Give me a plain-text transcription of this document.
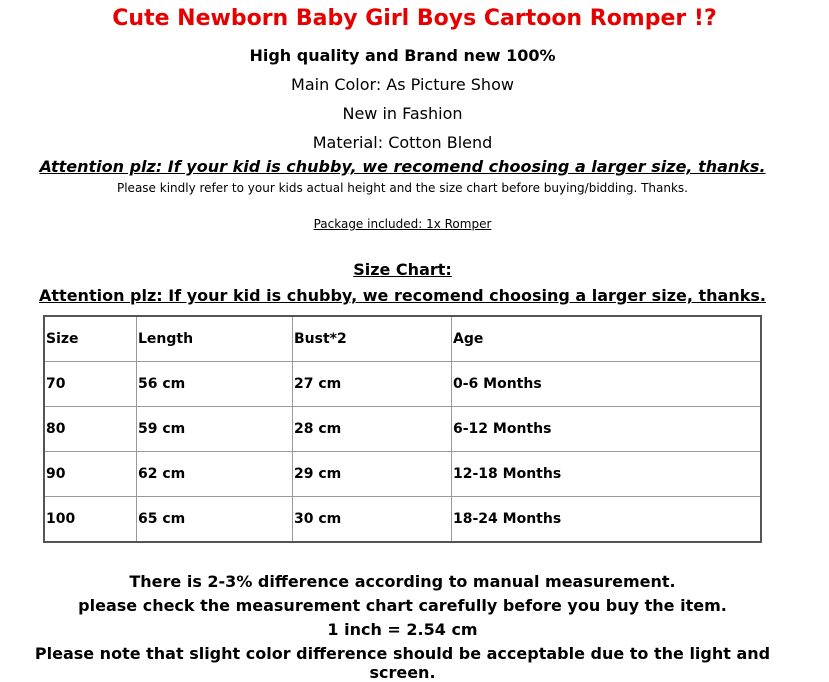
Cute Newborn Baby Girl Boys Cartoon Romper !?
High quality and Brand new 100%
Main Color: As Picture Show
New in Fashion
Material: Cotton Blend
Attention plz: If your kid is chubby, we recomend choosing a larger size, thanks.
Please kindly refer to your kids actual height and the size chart before buying/bidding. Thanks.
Package included: 1x Romper
Size Chart:
Attention plz: If your kid is chubby, we recomend choosing a larger size, thanks.
Size	Length	Bust*2	Age
70	56 cm	27 cm	0-6 Months
80	59 cm	28 cm	6-12 Months
90	62 cm	29 cm	12-18 Months
100	65 cm	30 cm	18-24 Months
There is 2-3% difference according to manual measurement.
please check the measurement chart carefully before you buy the item.
1 inch = 2.54 cm
Please note that slight color difference should be acceptable due to the light and screen.
